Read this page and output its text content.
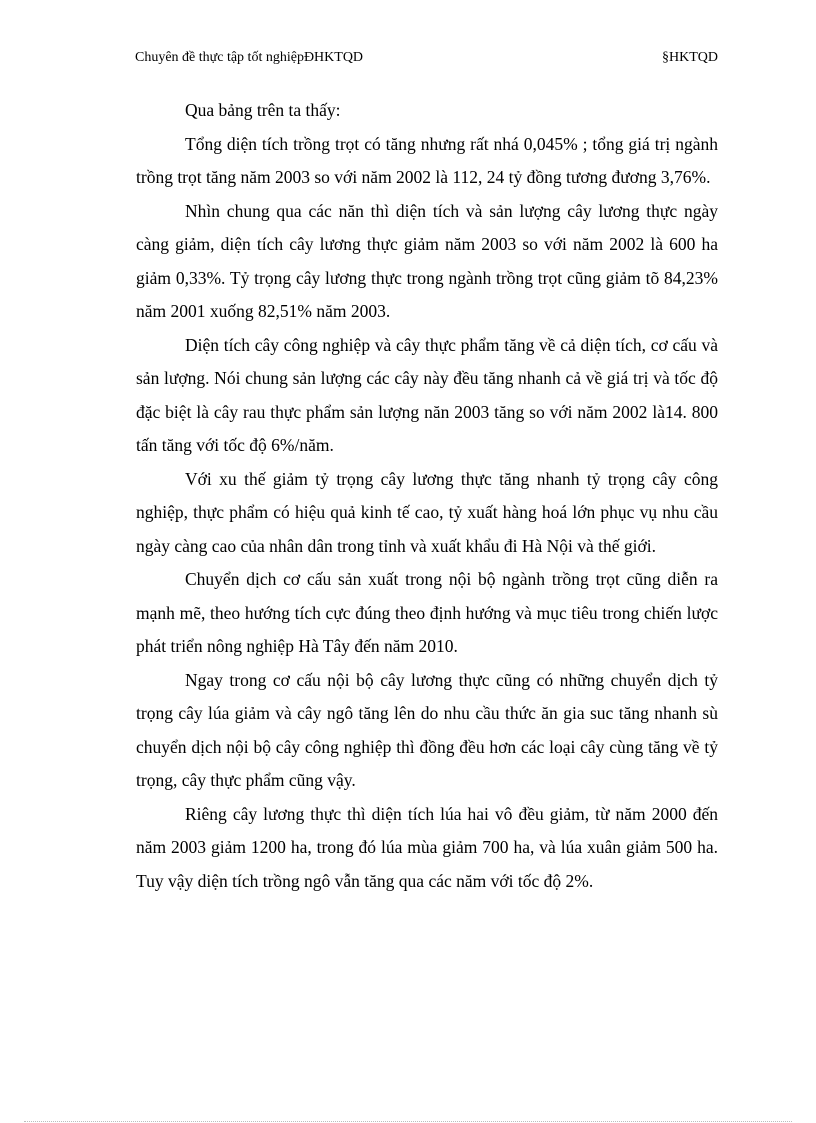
Chuyên đề thực tập tốt nghiệpĐHKTQD	§HKTQD

Qua bảng trên ta thấy:

Tổng diện tích trồng trọt có tăng nhưng rất nhá 0,045% ; tổng giá trị ngành trồng trọt tăng năm 2003 so với năm 2002 là 112, 24 tỷ đồng tương đương 3,76%.

Nhìn chung qua các năn thì diện tích và sản lượng cây lương thực ngày càng giảm, diện tích cây lương thực giảm năm 2003 so với năm 2002 là 600 ha giảm 0,33%. Tỷ trọng cây lương thực trong ngành trồng trọt cũng giảm tõ 84,23% năm 2001 xuống 82,51% năm 2003.

Diện tích cây công nghiệp và cây thực phẩm tăng về cả diện tích, cơ cấu và sản lượng. Nói chung sản lượng các cây này đều tăng nhanh cả về giá trị và tốc độ đặc biệt là cây rau thực phẩm sản lượng năn 2003 tăng so với năm 2002 là14. 800 tấn tăng với tốc độ 6%/năm.

Với xu thế giảm tỷ trọng cây lương thực tăng nhanh tỷ trọng cây công nghiệp, thực phẩm có hiệu quả kinh tế cao, tỷ xuất hàng hoá lớn phục vụ nhu cầu ngày càng cao của nhân dân trong tỉnh và xuất khẩu đi Hà Nội và thế giới.

Chuyển dịch cơ cấu sản xuất trong nội bộ ngành trồng trọt cũng diễn ra mạnh mẽ, theo hướng tích cực đúng theo định hướng và mục tiêu trong chiến lược phát triển nông nghiệp Hà Tây đến năm 2010.

Ngay trong cơ cấu nội bộ cây lương thực cũng có những chuyển dịch tỷ trọng cây lúa giảm và cây ngô tăng lên do nhu cầu thức ăn gia suc tăng nhanh sù chuyển dịch nội bộ cây công nghiệp thì đồng đều hơn các loại cây cùng tăng về tỷ trọng, cây thực phẩm cũng vậy.

Riêng cây lương thực thì diện tích lúa hai vô đều giảm, từ năm 2000 đến năm 2003 giảm 1200 ha, trong đó lúa mùa giảm 700 ha, và lúa xuân giảm 500 ha. Tuy vậy diện tích trồng ngô vẫn tăng qua các năm với tốc độ 2%.
